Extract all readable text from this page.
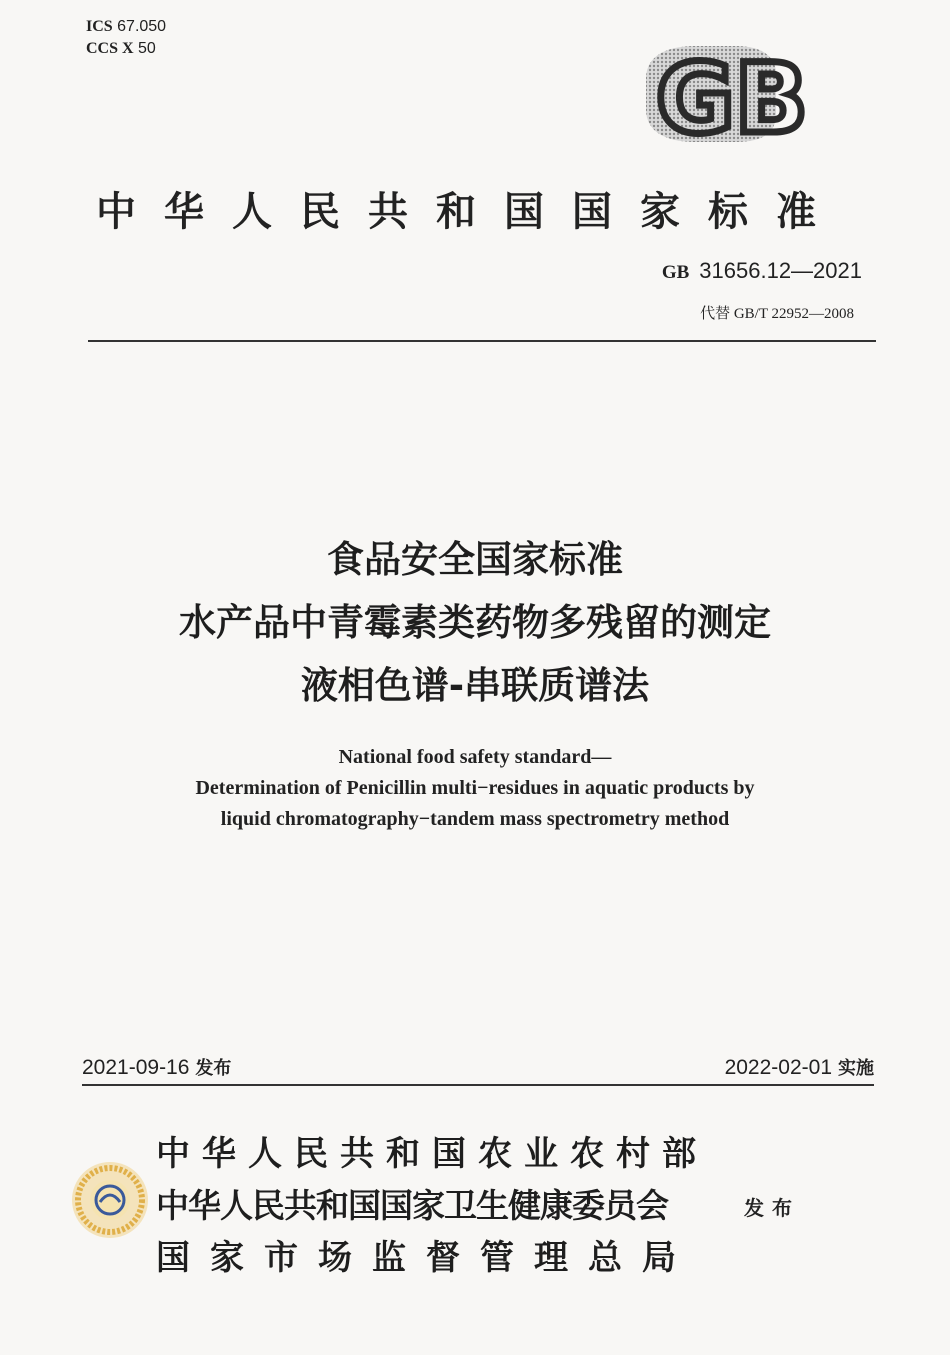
ICS 67.050
CCS X 50	GB
中华人民共和国国家标准
GB 31656.12—2021
代替 GB/T 22952—2008
食品安全国家标准
水产品中青霉素类药物多残留的测定
液相色谱-串联质谱法
National food safety standard—
Determination of Penicillin multi−residues in aquatic products by
liquid chromatography−tandem mass spectrometry method
2021-09-16 发布	2022-02-01 实施
中华人民共和国农业农村部
中华人民共和国国家卫生健康委员会
国家市场监督管理总局
发布
